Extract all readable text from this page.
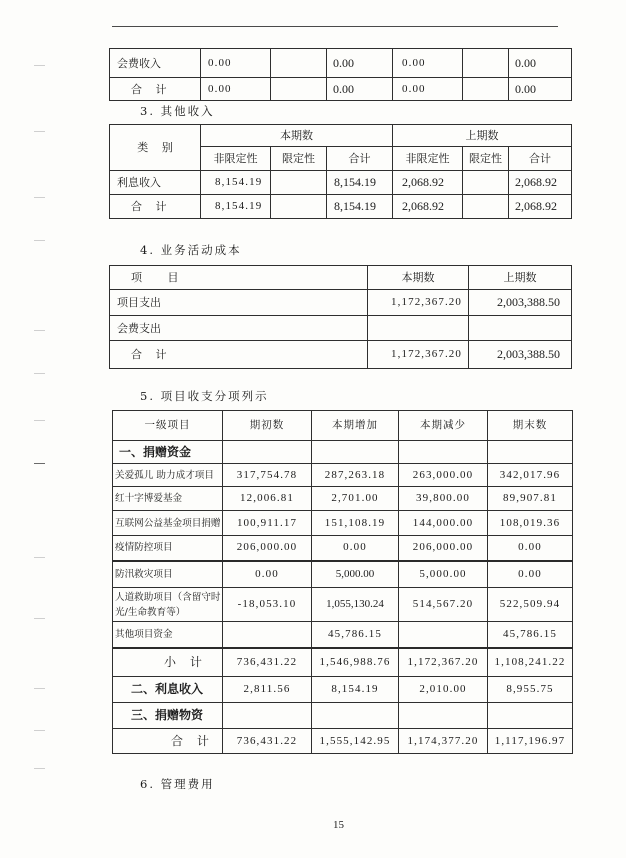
会费收入	0.00		0.00	0.00		0.00
合 计	0.00		0.00	0.00		0.00
3. 其他收入
类 别	本期数			上期数		
	非限定性	限定性	合计	非限定性	限定性	合计
利息收入	8,154.19		8,154.19	2,068.92		2,068.92
合 计	8,154.19		8,154.19	2,068.92		2,068.92
4. 业务活动成本
项 目	本期数	上期数
项目支出	1,172,367.20	2,003,388.50
会费支出		
合 计	1,172,367.20	2,003,388.50
5. 项目收支分项列示
一级项目	期初数	本期增加	本期减少	期末数
一、捐赠资金				
关爱孤儿 助力成才项目	317,754.78	287,263.18	263,000.00	342,017.96
红十字博爱基金	12,006.81	2,701.00	39,800.00	89,907.81
互联网公益基金项目捐赠	100,911.17	151,108.19	144,000.00	108,019.36
疫情防控项目	206,000.00	0.00	206,000.00	0.00
防汛救灾项目	0.00	5,000.00	5,000.00	0.00
人道救助项目（含留守时光/生命教育等）	-18,053.10	1,055,130.24	514,567.20	522,509.94
其他项目资金		45,786.15		45,786.15
小 计	736,431.22	1,546,988.76	1,172,367.20	1,108,241.22
二、利息收入	2,811.56	8,154.19	2,010.00	8,955.75
三、捐赠物资				
合 计	736,431.22	1,555,142.95	1,174,377.20	1,117,196.97
6. 管理费用
15
